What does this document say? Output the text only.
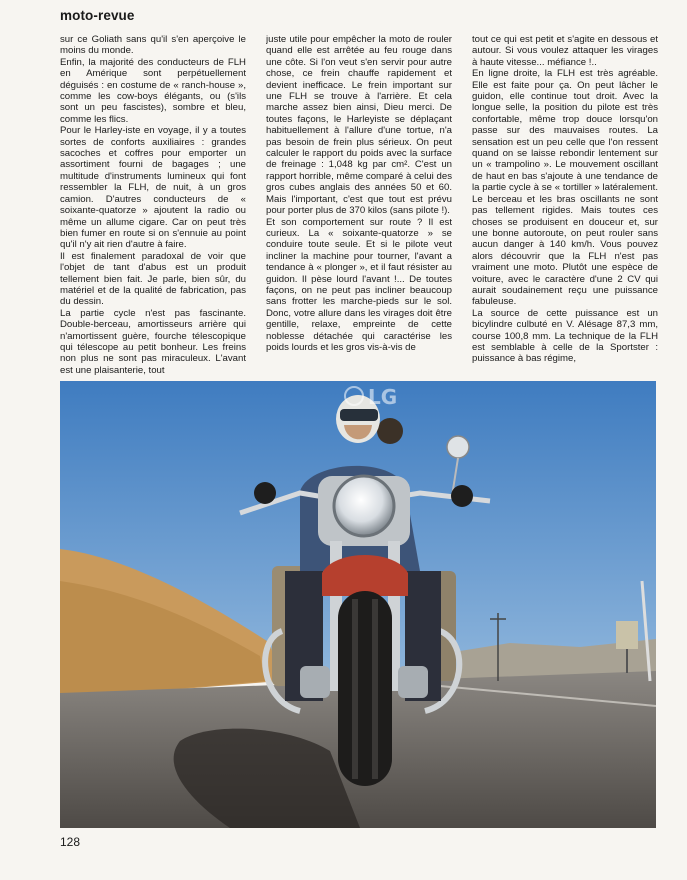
moto-revue

sur ce Goliath sans qu'il s'en aperçoive le moins du monde.

Enfin, la majorité des conducteurs de FLH en Amérique sont perpétuellement déguisés : en costume de « ranch-house », comme les cow-boys élégants, ou (s'ils sont un peu fascistes), sombre et bleu, comme les flics.

Pour le Harley-iste en voyage, il y a toutes sortes de conforts auxiliaires : grandes sacoches et coffres pour emporter un assortiment fourni de bagages ; une multitude d'instruments lumineux qui font ressembler la FLH, de nuit, à un gros camion. D'autres conducteurs de « soixante-quatorze » ajoutent la radio ou même un allume cigare. Car on peut très bien fumer en route si on s'ennuie au point qu'il n'y ait rien d'autre à faire.

Il est finalement paradoxal de voir que l'objet de tant d'abus est un produit tellement bien fait. Je parle, bien sûr, du matériel et de la qualité de fabrication, pas du dessin.

La partie cycle n'est pas fascinante. Double-berceau, amortisseurs arrière qui n'amortissent guère, fourche télescopique qui télescope au petit bonheur. Les freins non plus ne sont pas miraculeux. L'avant est une plaisanterie, tout

juste utile pour empêcher la moto de rouler quand elle est arrêtée au feu rouge dans une côte. Si l'on veut s'en servir pour autre chose, ce frein chauffe rapidement et devient inefficace. Le frein important sur une FLH se trouve à l'arrière. Et cela marche assez bien ainsi, Dieu merci. De toutes façons, le Harleyiste se déplaçant habituellement à l'allure d'une tortue, n'a pas besoin de frein plus sérieux. On peut calculer le rapport du poids avec la surface de freinage : 1,048 kg par cm². C'est un rapport horrible, même comparé à celui des gros cubes anglais des années 50 et 60. Mais l'important, c'est que tout est prévu pour porter plus de 370 kilos (sans pilote !).

Et son comportement sur route ? Il est curieux. La « soixante-quatorze » se conduire toute seule. Et si le pilote veut incliner la machine pour tourner, l'avant a tendance à « plonger », et il faut résister au guidon. Il pèse lourd l'avant !... De toutes façons, on ne peut pas incliner beaucoup sans frotter les marche-pieds sur le sol. Donc, votre allure dans les virages doit être gentille, relaxe, empreinte de cette noblesse détachée qui caractérise les poids lourds et les gros vis-à-vis de

tout ce qui est petit et s'agite en dessous et autour. Si vous voulez attaquer les virages à haute vitesse... méfiance !..

En ligne droite, la FLH est très agréable. Elle est faite pour ça. On peut lâcher le guidon, elle continue tout droit. Avec la longue selle, la position du pilote est très confortable, même trop douce lorsqu'on passe sur des mauvaises routes. La sensation est un peu celle que l'on ressent quand on se laisse rebondir lentement sur un « trampolino ». Le mouvement oscillant de haut en bas s'ajoute à une tendance de la partie cycle à se « tortiller » latéralement. Le berceau et les bras oscillants ne sont pas tellement rigides. Mais toutes ces choses se produisent en douceur et, sur une bonne autoroute, on peut rouler sans aucun danger à 140 km/h. Vous pouvez alors découvrir que la FLH n'est pas vraiment une moto. Plutôt une espèce de voiture, avec le caractère d'une 2 CV qui aurait soudainement reçu une puissance fabuleuse.

La source de cette puissance est un bicylindre culbuté en V. Alésage 87,3 mm, course 100,8 mm. La technique de la FLH est semblable à celle de la Sportster : puissance à bas régime,

LG
128
